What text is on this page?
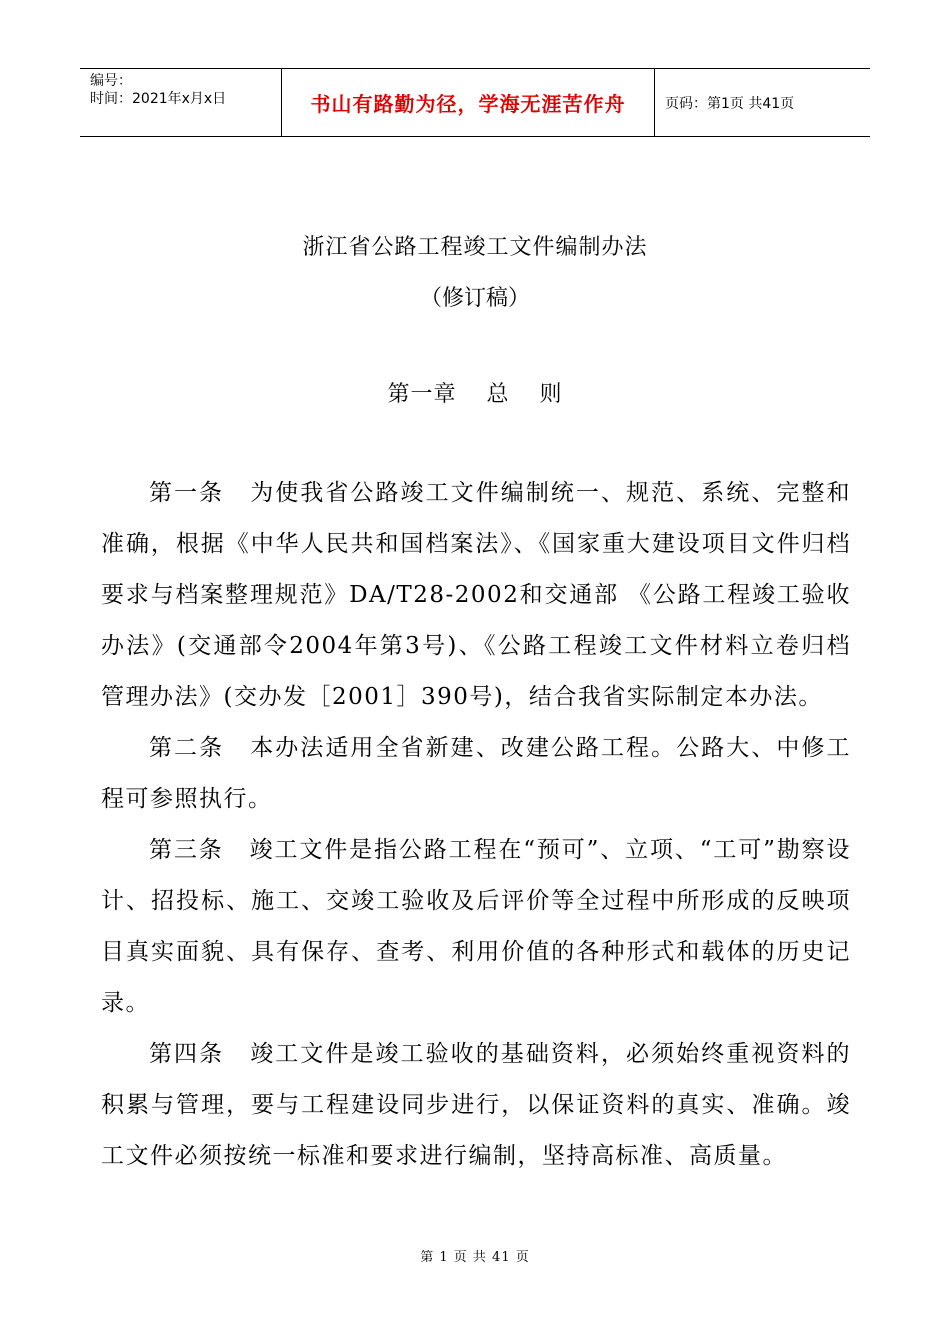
编号：
时间：2021年x月x日	书山有路勤为径，学海无涯苦作舟	页码：第1页 共41页
浙江省公路工程竣工文件编制办法
（修订稿）
第一章 总 则

第一条 为使我省公路竣工文件编制统一、规范、系统、完整和准确，根据《中华人民共和国档案法》、《国家重大建设项目文件归档要求与档案整理规范》DA/T28-2002和交通部 《公路工程竣工验收办法》(交通部令2004年第3号)、《公路工程竣工文件材料立卷归档管理办法》(交办发［2001］390号)，结合我省实际制定本办法。

第二条 本办法适用全省新建、改建公路工程。公路大、中修工程可参照执行。

第三条 竣工文件是指公路工程在“预可”、立项、“工可”勘察设计、招投标、施工、交竣工验收及后评价等全过程中所形成的反映项目真实面貌、具有保存、查考、利用价值的各种形式和载体的历史记录。

第四条 竣工文件是竣工验收的基础资料，必须始终重视资料的积累与管理，要与工程建设同步进行，以保证资料的真实、准确。竣工文件必须按统一标准和要求进行编制，坚持高标准、高质量。

第 1 页 共 41 页
